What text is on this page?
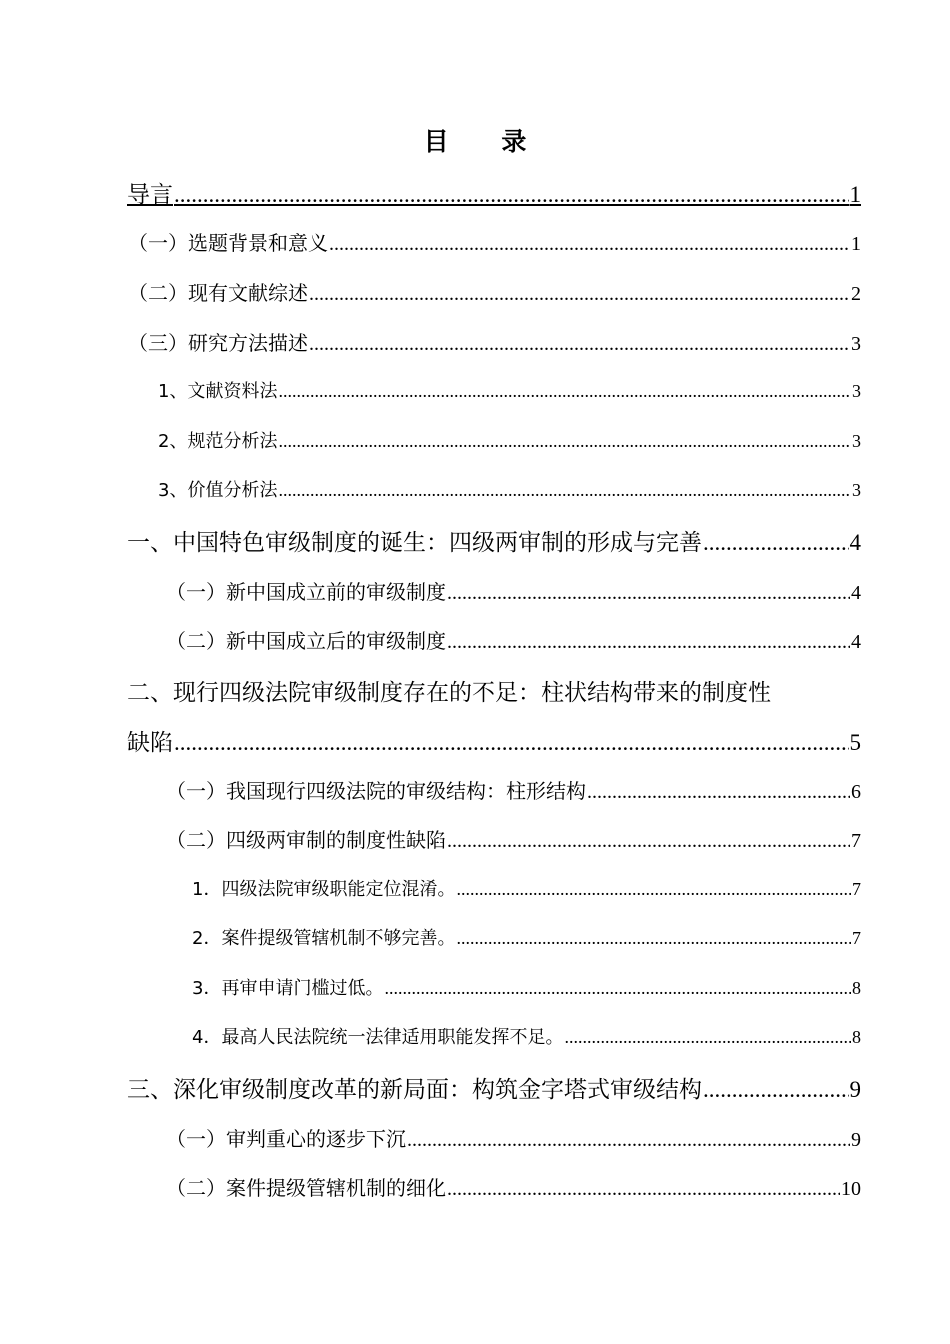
目 录
导言 .....	1
（一）选题背景和意义 .....	1
（二）现有文献综述 .....	2
（三）研究方法描述 .....	3
1、文献资料法 .....	3
2、规范分析法 .....	3
3、价值分析法 .....	3
一、中国特色审级制度的诞生：四级两审制的形成与完善 .....	4
（一）新中国成立前的审级制度 .....	4
（二）新中国成立后的审级制度 .....	4
二、现行四级法院审级制度存在的不足：柱状结构带来的制度性
缺陷 .....	5
（一）我国现行四级法院的审级结构：柱形结构 .....	6
（二）四级两审制的制度性缺陷 .....	7
1．四级法院审级职能定位混淆。 .....	7
2．案件提级管辖机制不够完善。 .....	7
3．再审申请门槛过低。 .....	8
4．最高人民法院统一法律适用职能发挥不足。 .....	8
三、深化审级制度改革的新局面：构筑金字塔式审级结构 .....	9
（一）审判重心的逐步下沉 .....	9
（二）案件提级管辖机制的细化 .....	10
